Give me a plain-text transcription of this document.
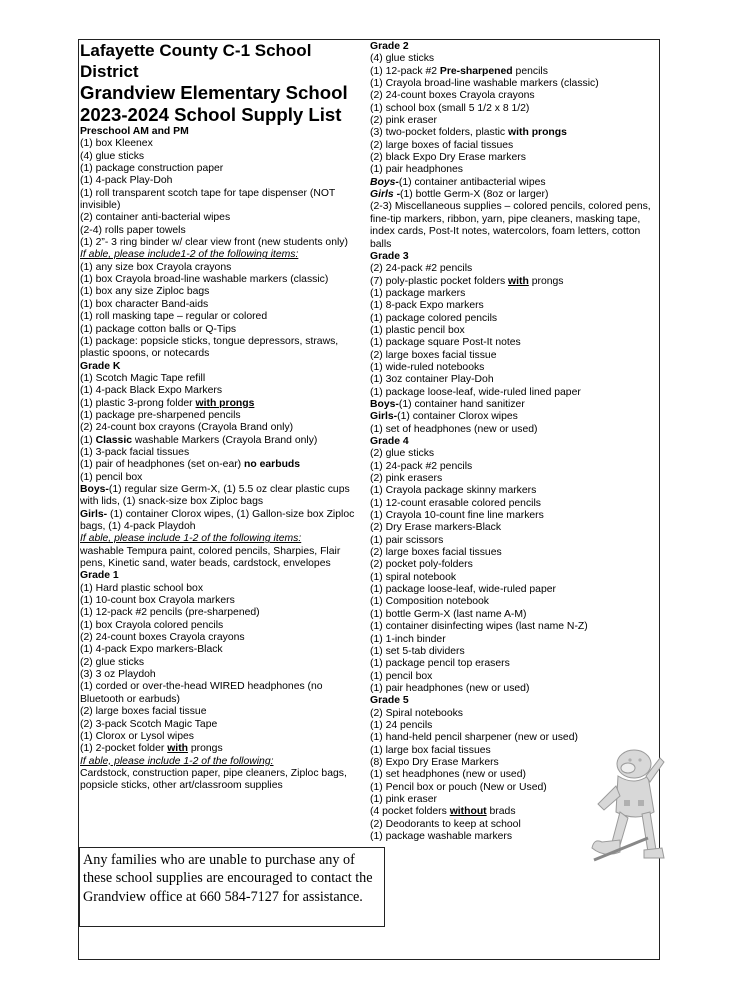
Lafayette County C-1 School
District
Grandview Elementary School
2023-2024 School Supply List
Preschool AM and PM
(1) box Kleenex
(4) glue sticks
(1) package construction paper
(1) 4-pack Play-Doh
(1) roll transparent scotch tape for tape dispenser (NOT invisible)
(2) container anti-bacterial wipes
(2-4) rolls paper towels
(1) 2”- 3 ring binder w/ clear view front (new students only)
If able, please include1-2 of the following items:
(1) any size box Crayola crayons
(1) box Crayola broad-line washable markers (classic)
(1) box any size Ziploc bags
(1) box character Band-aids
(1) roll masking tape – regular or colored
(1) package cotton balls or Q-Tips
(1) package: popsicle sticks, tongue depressors, straws, plastic spoons, or notecards
Grade K
(1) Scotch Magic Tape refill
(1) 4-pack Black Expo Markers
(1) plastic 3-prong folder with prongs
(1) package pre-sharpened pencils
(2) 24-count box crayons (Crayola Brand only)
(1) Classic washable Markers (Crayola Brand only)
(1) 3-pack facial tissues
(1) pair of headphones (set on-ear) no earbuds
(1) pencil box
Boys-(1) regular size Germ-X, (1) 5.5 oz clear plastic cups with lids, (1) snack-size box Ziploc bags
Girls- (1) container Clorox wipes, (1) Gallon-size box Ziploc bags, (1) 4-pack Playdoh
If able, please include 1-2 of the following items:
washable Tempura paint, colored pencils, Sharpies, Flair pens, Kinetic sand, water beads, cardstock, envelopes
Grade 1
(1) Hard plastic school box
(1) 10-count box Crayola markers
(1) 12-pack #2 pencils (pre-sharpened)
(1) box Crayola colored pencils
(2) 24-count boxes Crayola crayons
(1) 4-pack Expo markers-Black
(2) glue sticks
(3) 3 oz Playdoh
(1) corded or over-the-head WIRED headphones (no Bluetooth or earbuds)
(2) large boxes facial tissue
(2) 3-pack Scotch Magic Tape
(1) Clorox or Lysol wipes
(1) 2-pocket folder with prongs
If able, please include 1-2 of the following:
Cardstock, construction paper, pipe cleaners, Ziploc bags, popsicle sticks, other art/classroom supplies
Grade 2
(4) glue sticks
(1) 12-pack #2 Pre-sharpened pencils
(1) Crayola broad-line washable markers (classic)
(2) 24-count boxes Crayola crayons
(1) school box (small 5 1/2 x 8 1/2)
(2) pink eraser
(3) two-pocket folders, plastic with prongs
(2) large boxes of facial tissues
(2) black Expo Dry Erase markers
(1) pair headphones
Boys-(1) container antibacterial wipes
Girls -(1) bottle Germ-X (8oz or larger)
(2-3) Miscellaneous supplies – colored pencils, colored pens, fine-tip markers, ribbon, yarn, pipe cleaners, masking tape, index cards, Post-It notes, watercolors, foam letters, cotton balls
Grade 3
(2) 24-pack #2 pencils
(7) poly-plastic pocket folders with prongs
(1) package markers
(1) 8-pack Expo markers
(1) package colored pencils
(1) plastic pencil box
(1) package square Post-It notes
(2) large boxes facial tissue
(1) wide-ruled notebooks
(1) 3oz container Play-Doh
(1) package loose-leaf, wide-ruled lined paper
Boys-(1) container hand sanitizer
Girls-(1) container Clorox wipes
(1) set of headphones (new or used)
Grade 4
(2) glue sticks
(1) 24-pack #2 pencils
(2) pink erasers
(1) Crayola package skinny markers
(1) 12-count erasable colored pencils
(1) Crayola 10-count fine line markers
(2) Dry Erase markers-Black
(1) pair scissors
(2) large boxes facial tissues
(2) pocket poly-folders
(1) spiral notebook
(1) package loose-leaf, wide-ruled paper
(1) Composition notebook
(1) bottle Germ-X (last name A-M)
(1) container disinfecting wipes (last name N-Z)
(1) 1-inch binder
(1) set 5-tab dividers
(1) package pencil top erasers
(1) pencil box
(1) pair headphones (new or used)
Grade 5
(2) Spiral notebooks
(1) 24 pencils
(1) hand-held pencil sharpener (new or used)
(1) large box facial tissues
(8) Expo Dry Erase Markers
(1) set headphones (new or used)
(1) Pencil box or pouch (New or Used)
(1) pink eraser
(4 pocket folders without brads
(2) Deodorants to keep at school
(1) package washable markers
Any families who are unable to purchase any of these school supplies are encouraged to contact the Grandview office at 660 584-7127 for assistance.
